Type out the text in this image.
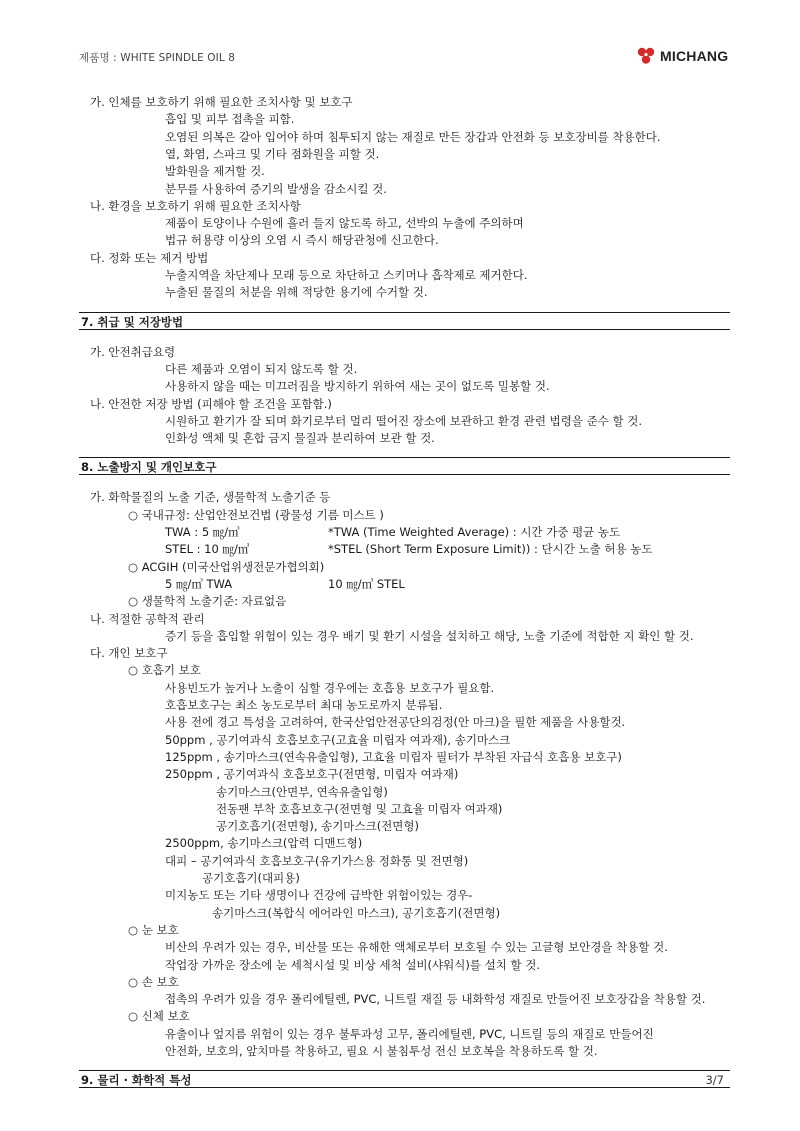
제품명 : WHITE SPINDLE OIL 8	MICHANG
가. 인체를 보호하기 위해 필요한 조치사항 및 보호구
흡입 및 피부 접촉을 피함.
오염된 의복은 갈아 입어야 하며 침투되지 않는 재질로 만든 장갑과 안전화 등 보호장비를 착용한다.
열, 화염, 스파크 및 기타 점화원을 피할 것.
발화원을 제거할 것.
분무를 사용하여 증기의 발생을 감소시킬 것.
나. 환경을 보호하기 위해 필요한 조치사항
제품이 토양이나 수원에 흘러 들지 않도록 하고, 선박의 누출에 주의하며
법규 허용량 이상의 오염 시 즉시 해당관청에 신고한다.
다. 정화 또는 제거 방법
누출지역을 차단제나 모래 등으로 차단하고 스키머나 흡착제로 제거한다.
누출된 물질의 처분을 위해 적당한 용기에 수거할 것.
7. 취급 및 저장방법
가. 안전취급요령
다른 제품과 오염이 되지 않도록 할 것.
사용하지 않을 때는 미끄러짐을 방지하기 위하여 새는 곳이 없도록 밀봉할 것.
나. 안전한 저장 방법 (피해야 할 조건을 포함함.)
시원하고 환기가 잘 되며 화기로부터 멀리 떨어진 장소에 보관하고 환경 관련 법령을 준수 할 것.
인화성 액체 및 혼합 금지 물질과 분리하여 보관 할 것.
8. 노출방지 및 개인보호구
가. 화학물질의 노출 기준, 생물학적 노출기준 등
○ 국내규정: 산업안전보건법 (광물성 기름 미스트 )
TWA : 5 ㎎/㎥	*TWA (Time Weighted Average) : 시간 가중 평균 농도
STEL : 10 ㎎/㎥	*STEL (Short Term Exposure Limit)) : 단시간 노출 허용 농도
○ ACGIH (미국산업위생전문가협의회)
5 ㎎/㎥ TWA	10 ㎎/㎥ STEL
○ 생물학적 노출기준: 자료없음
나. 적절한 공학적 관리
증기 등을 흡입할 위험이 있는 경우 배기 및 환기 시설을 설치하고 해당, 노출 기준에 적합한 지 확인 할 것.
다. 개인 보호구
○ 호흡기 보호
사용빈도가 높거나 노출이 심할 경우에는 호흡용 보호구가 필요함.
호흡보호구는 최소 농도로부터 최대 농도로까지 분류됨.
사용 전에 경고 특성을 고려하여, 한국산업안전공단의검정(안 마크)을 필한 제품을 사용할것.
50ppm , 공기여과식 호흡보호구(고효율 미립자 여과재), 송기마스크
125ppm , 송기마스크(연속유출입형), 고효율 미립자 필터가 부착된 자급식 호흡용 보호구)
250ppm , 공기여과식 호흡보호구(전면형, 미립자 여과재)
송기마스크(안면부, 연속유출입형)
전동팬 부착 호흡보호구(전면형 및 고효율 미립자 여과재)
공기호흡기(전면형), 송기마스크(전면형)
2500ppm, 송기마스크(압력 디맨드형)
대피 – 공기여과식 호흡보호구(유기가스용 정화통 및 전면형)
공기호흡기(대피용)
미지농도 또는 기타 생명이나 건강에 급박한 위험이있는 경우-
송기마스크(복합식 에어라인 마스크), 공기호흡기(전면형)
○ 눈 보호
비산의 우려가 있는 경우, 비산물 또는 유해한 액체로부터 보호될 수 있는 고글형 보안경을 착용할 것.
작업장 가까운 장소에 눈 세척시설 및 비상 세척 설비(샤워식)를 설치 할 것.
○ 손 보호
접촉의 우려가 있을 경우 폴리에틸렌, PVC, 니트릴 재질 등 내화학성 재질로 만들어진 보호장갑을 착용할 것.
○ 신체 보호
유출이나 엎지름 위험이 있는 경우 불투과성 고무, 폴리에틸렌, PVC, 니트릴 등의 재질로 만들어진
안전화, 보호의, 앞치마를 착용하고, 필요 시 불침투성 전신 보호복을 착용하도록 할 것.
9. 물리 · 화학적 특성	3/7
